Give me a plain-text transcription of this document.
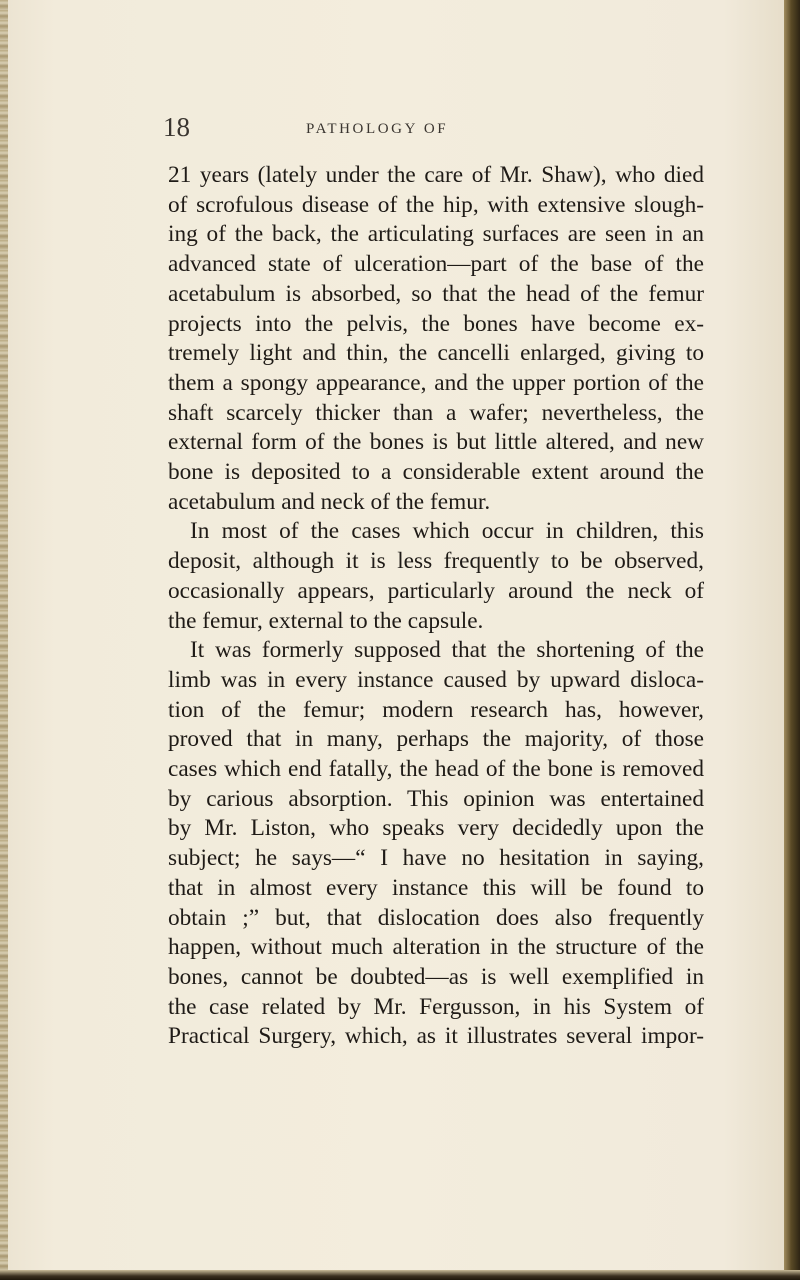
18	PATHOLOGY OF
21 years (lately under the care of Mr. Shaw), who died
of scrofulous disease of the hip, with extensive slough-
ing of the back, the articulating surfaces are seen in an
advanced state of ulceration—part of the base of the
acetabulum is absorbed, so that the head of the femur
projects into the pelvis, the bones have become ex-
tremely light and thin, the cancelli enlarged, giving to
them a spongy appearance, and the upper portion of the
shaft scarcely thicker than a wafer; nevertheless, the
external form of the bones is but little altered, and new
bone is deposited to a considerable extent around the
acetabulum and neck of the femur.
In most of the cases which occur in children, this
deposit, although it is less frequently to be observed,
occasionally appears, particularly around the neck of
the femur, external to the capsule.
It was formerly supposed that the shortening of the
limb was in every instance caused by upward disloca-
tion of the femur; modern research has, however,
proved that in many, perhaps the majority, of those
cases which end fatally, the head of the bone is removed
by carious absorption. This opinion was entertained
by Mr. Liston, who speaks very decidedly upon the
subject; he says—“ I have no hesitation in saying,
that in almost every instance this will be found to
obtain ;” but, that dislocation does also frequently
happen, without much alteration in the structure of the
bones, cannot be doubted—as is well exemplified in
the case related by Mr. Fergusson, in his System of
Practical Surgery, which, as it illustrates several impor-
